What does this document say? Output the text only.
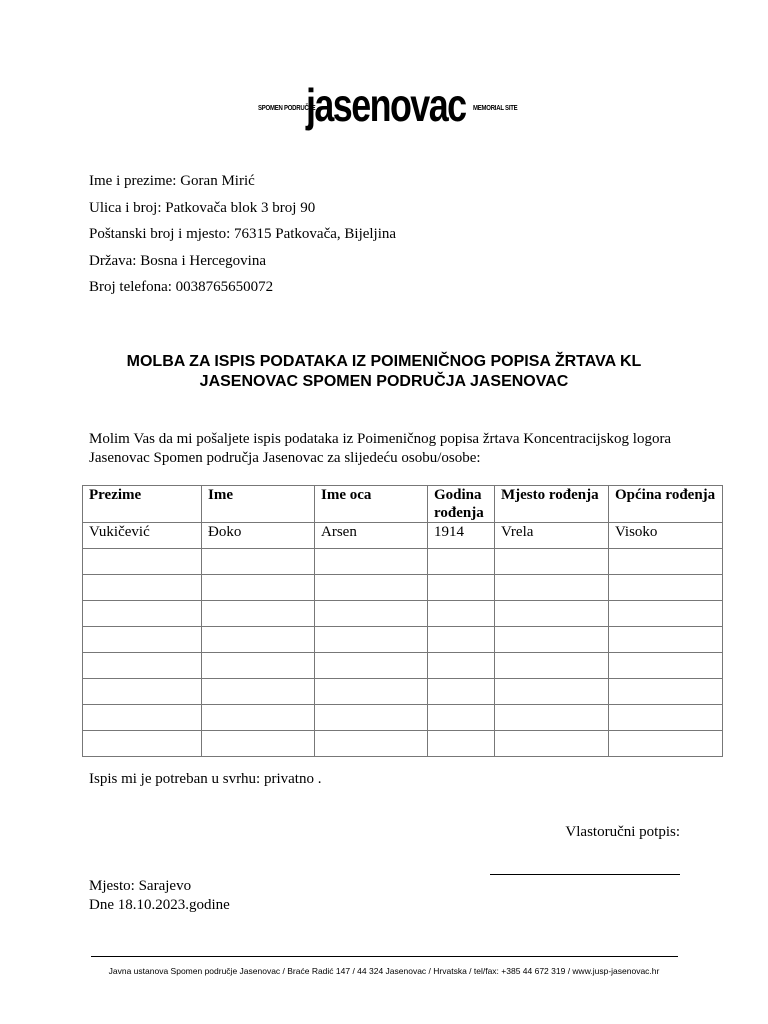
SPOMEN PODRUČJE
jasenovac MEMORIAL SITE
Ime i prezime: Goran Mirić
Ulica i broj: Patkovača blok 3 broj 90
Poštanski broj i mjesto: 76315 Patkovača, Bijeljina
Država: Bosna i Hercegovina
Broj telefona: 0038765650072
MOLBA ZA ISPIS PODATAKA IZ POIMENIČNOG POPISA ŽRTAVA KL
JASENOVAC SPOMEN PODRUČJA JASENOVAC
Molim Vas da mi pošaljete ispis podataka iz Poimeničnog popisa žrtava Koncentracijskog logora
Jasenovac Spomen područja Jasenovac za slijedeću osobu/osobe:
Prezime	Ime	Ime oca	Godina rođenja	Mjesto rođenja	Općina rođenja
Vukičević	Đoko	Arsen	1914	Vrela	Visoko

Ispis mi je potreban u svrhu: privatno .
Vlastoručni potpis:
Mjesto: Sarajevo
Dne 18.10.2023.godine
Javna ustanova Spomen područje Jasenovac / Braće Radić 147 / 44 324 Jasenovac / Hrvatska / tel/fax: +385 44 672 319 / www.jusp-jasenovac.hr
